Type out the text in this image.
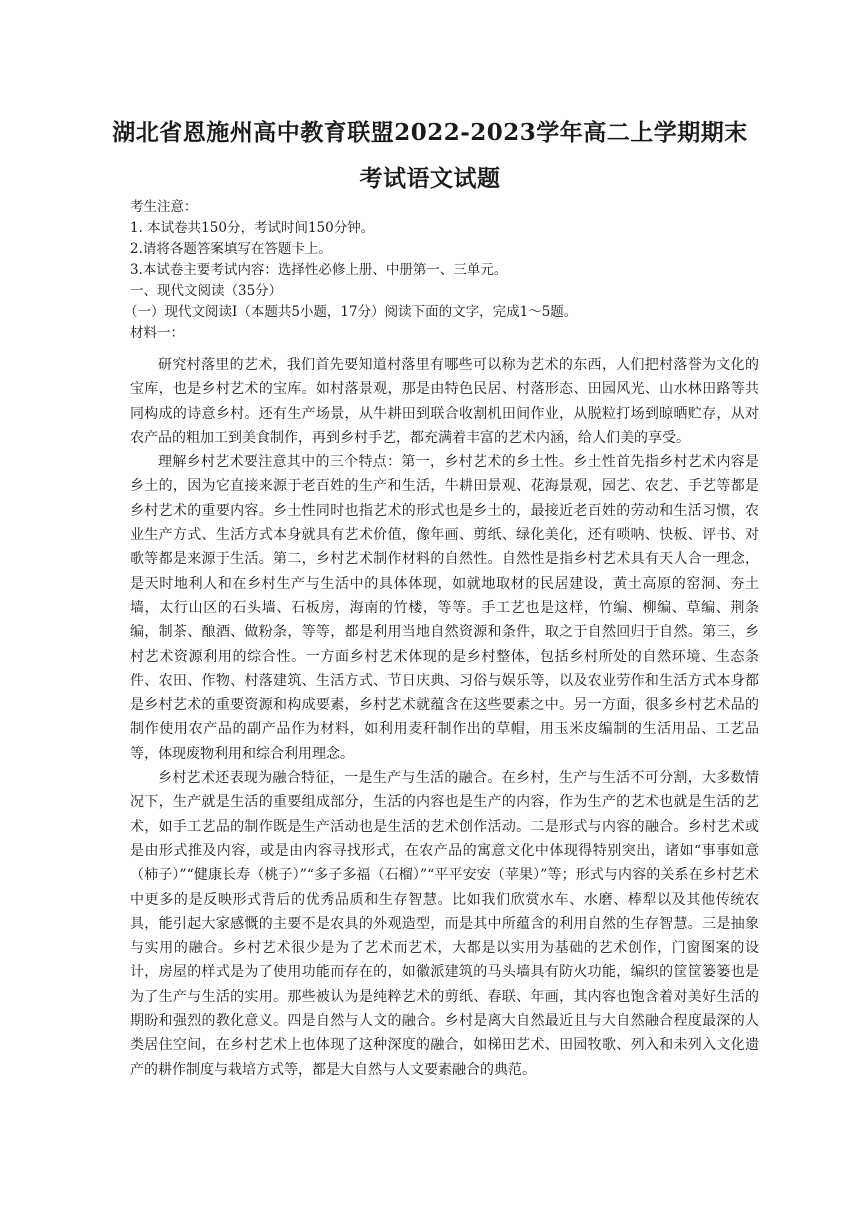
湖北省恩施州高中教育联盟2022-2023学年高二上学期期末
考试语文试题
考生注意：
1. 本试卷共150分，考试时间150分钟。
2.请将各题答案填写在答题卡上。
3.本试卷主要考试内容：选择性必修上册、中册第一、三单元。
一、现代文阅读（35分）
（一）现代文阅读Ⅰ（本题共5小题，17分）阅读下面的文字，完成1～5题。
材料一：

研究村落里的艺术，我们首先要知道村落里有哪些可以称为艺术的东西，人们把村落誉为文化的宝库，也是乡村艺术的宝库。如村落景观，那是由特色民居、村落形态、田园风光、山水林田路等共同构成的诗意乡村。还有生产场景，从牛耕田到联合收割机田间作业，从脱粒打场到晾晒贮存，从对农产品的粗加工到美食制作，再到乡村手艺，都充满着丰富的艺术内涵，给人们美的享受。

理解乡村艺术要注意其中的三个特点：第一，乡村艺术的乡土性。乡土性首先指乡村艺术内容是乡土的，因为它直接来源于老百姓的生产和生活，牛耕田景观、花海景观，园艺、农艺、手艺等都是乡村艺术的重要内容。乡土性同时也指艺术的形式也是乡土的，最接近老百姓的劳动和生活习惯，农业生产方式、生活方式本身就具有艺术价值，像年画、剪纸、绿化美化，还有唢呐、快板、评书、对歌等都是来源于生活。第二，乡村艺术制作材料的自然性。自然性是指乡村艺术具有天人合一理念，是天时地利人和在乡村生产与生活中的具体体现，如就地取材的民居建设，黄土高原的窑洞、夯土墙，太行山区的石头墙、石板房，海南的竹楼，等等。手工艺也是这样，竹编、柳编、草编、荆条编，制茶、酿酒、做粉条，等等，都是利用当地自然资源和条件，取之于自然回归于自然。第三，乡村艺术资源利用的综合性。一方面乡村艺术体现的是乡村整体，包括乡村所处的自然环境、生态条件、农田、作物、村落建筑、生活方式、节日庆典、习俗与娱乐等，以及农业劳作和生活方式本身都是乡村艺术的重要资源和构成要素，乡村艺术就蕴含在这些要素之中。另一方面，很多乡村艺术品的制作使用农产品的副产品作为材料，如利用麦秆制作出的草帽，用玉米皮编制的生活用品、工艺品等，体现废物利用和综合利用理念。

乡村艺术还表现为融合特征，一是生产与生活的融合。在乡村，生产与生活不可分割，大多数情况下，生产就是生活的重要组成部分，生活的内容也是生产的内容，作为生产的艺术也就是生活的艺术，如手工艺品的制作既是生产活动也是生活的艺术创作活动。二是形式与内容的融合。乡村艺术或是由形式推及内容，或是由内容寻找形式，在农产品的寓意文化中体现得特别突出，诸如“事事如意（柿子）”“健康长寿（桃子）”“多子多福（石榴）”“平平安安（苹果）”等；形式与内容的关系在乡村艺术中更多的是反映形式背后的优秀品质和生存智慧。比如我们欣赏水车、水磨、棒犁以及其他传统农具，能引起大家感慨的主要不是农具的外观造型，而是其中所蕴含的利用自然的生存智慧。三是抽象与实用的融合。乡村艺术很少是为了艺术而艺术，大都是以实用为基础的艺术创作，门窗图案的设计，房屋的样式是为了使用功能而存在的，如徽派建筑的马头墙具有防火功能，编织的筐筐篓篓也是为了生产与生活的实用。那些被认为是纯粹艺术的剪纸、春联、年画，其内容也饱含着对美好生活的期盼和强烈的教化意义。四是自然与人文的融合。乡村是离大自然最近且与大自然融合程度最深的人类居住空间，在乡村艺术上也体现了这种深度的融合，如梯田艺术、田园牧歌、列入和未列入文化遗产的耕作制度与栽培方式等，都是大自然与人文要素融合的典范。
